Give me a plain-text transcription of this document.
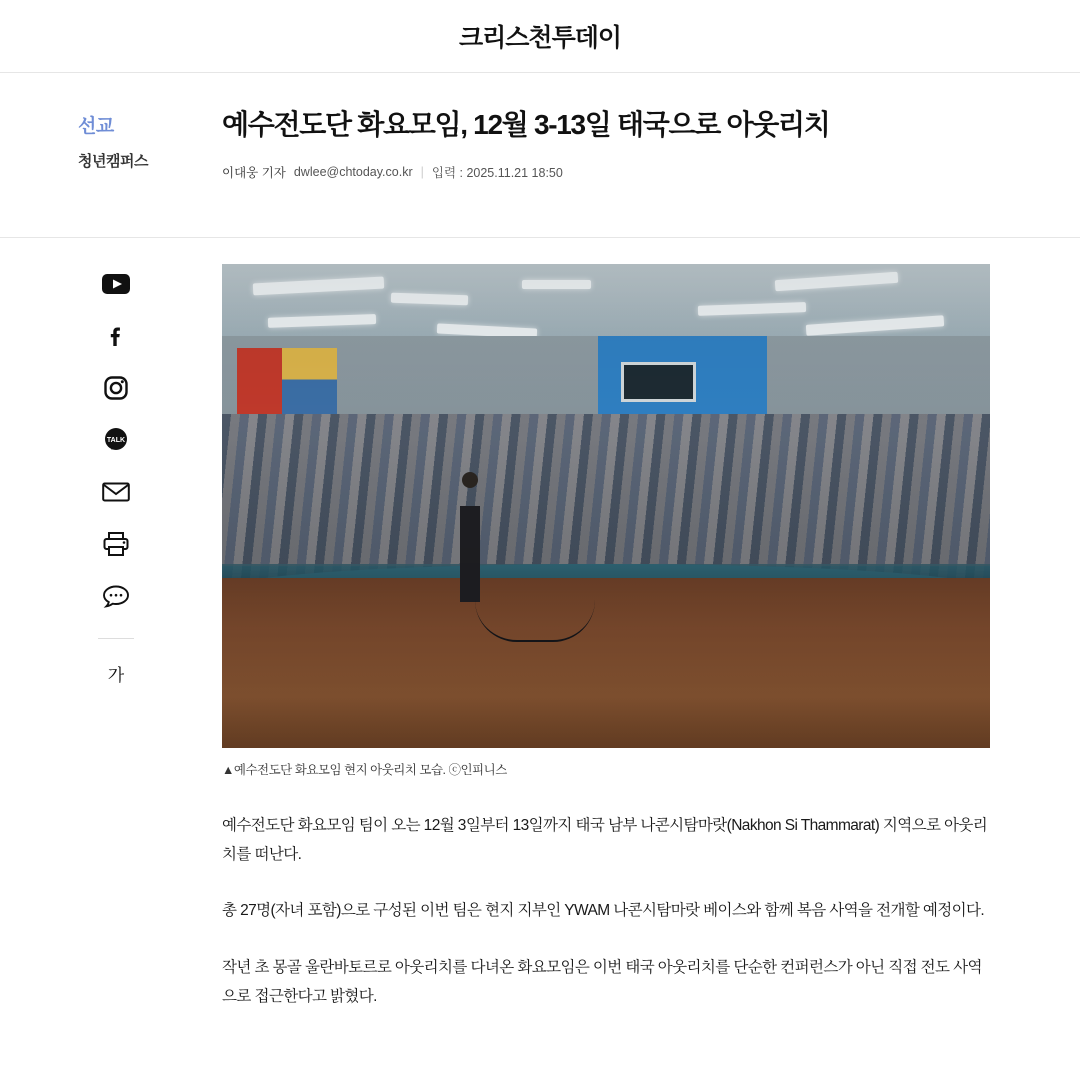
크리스천투데이
선교
청년캠퍼스
예수전도단 화요모임, 12월 3-13일 태국으로 아웃리치
이대웅 기자 dwlee@chtoday.co.kr | 입력 : 2025.11.21 18:50
TALK
가
▲예수전도단 화요모임 현지 아웃리치 모습. ⓒ인피니스

예수전도단 화요모임 팀이 오는 12월 3일부터 13일까지 태국 남부 나콘시탐마랏(Nakhon Si Thammarat) 지역으로 아웃리치를 떠난다.

총 27명(자녀 포함)으로 구성된 이번 팀은 현지 지부인 YWAM 나콘시탐마랏 베이스와 함께 복음 사역을 전개할 예정이다.

작년 초 몽골 울란바토르로 아웃리치를 다녀온 화요모임은 이번 태국 아웃리치를 단순한 컨퍼런스가 아닌 직접 전도 사역으로 접근한다고 밝혔다.
